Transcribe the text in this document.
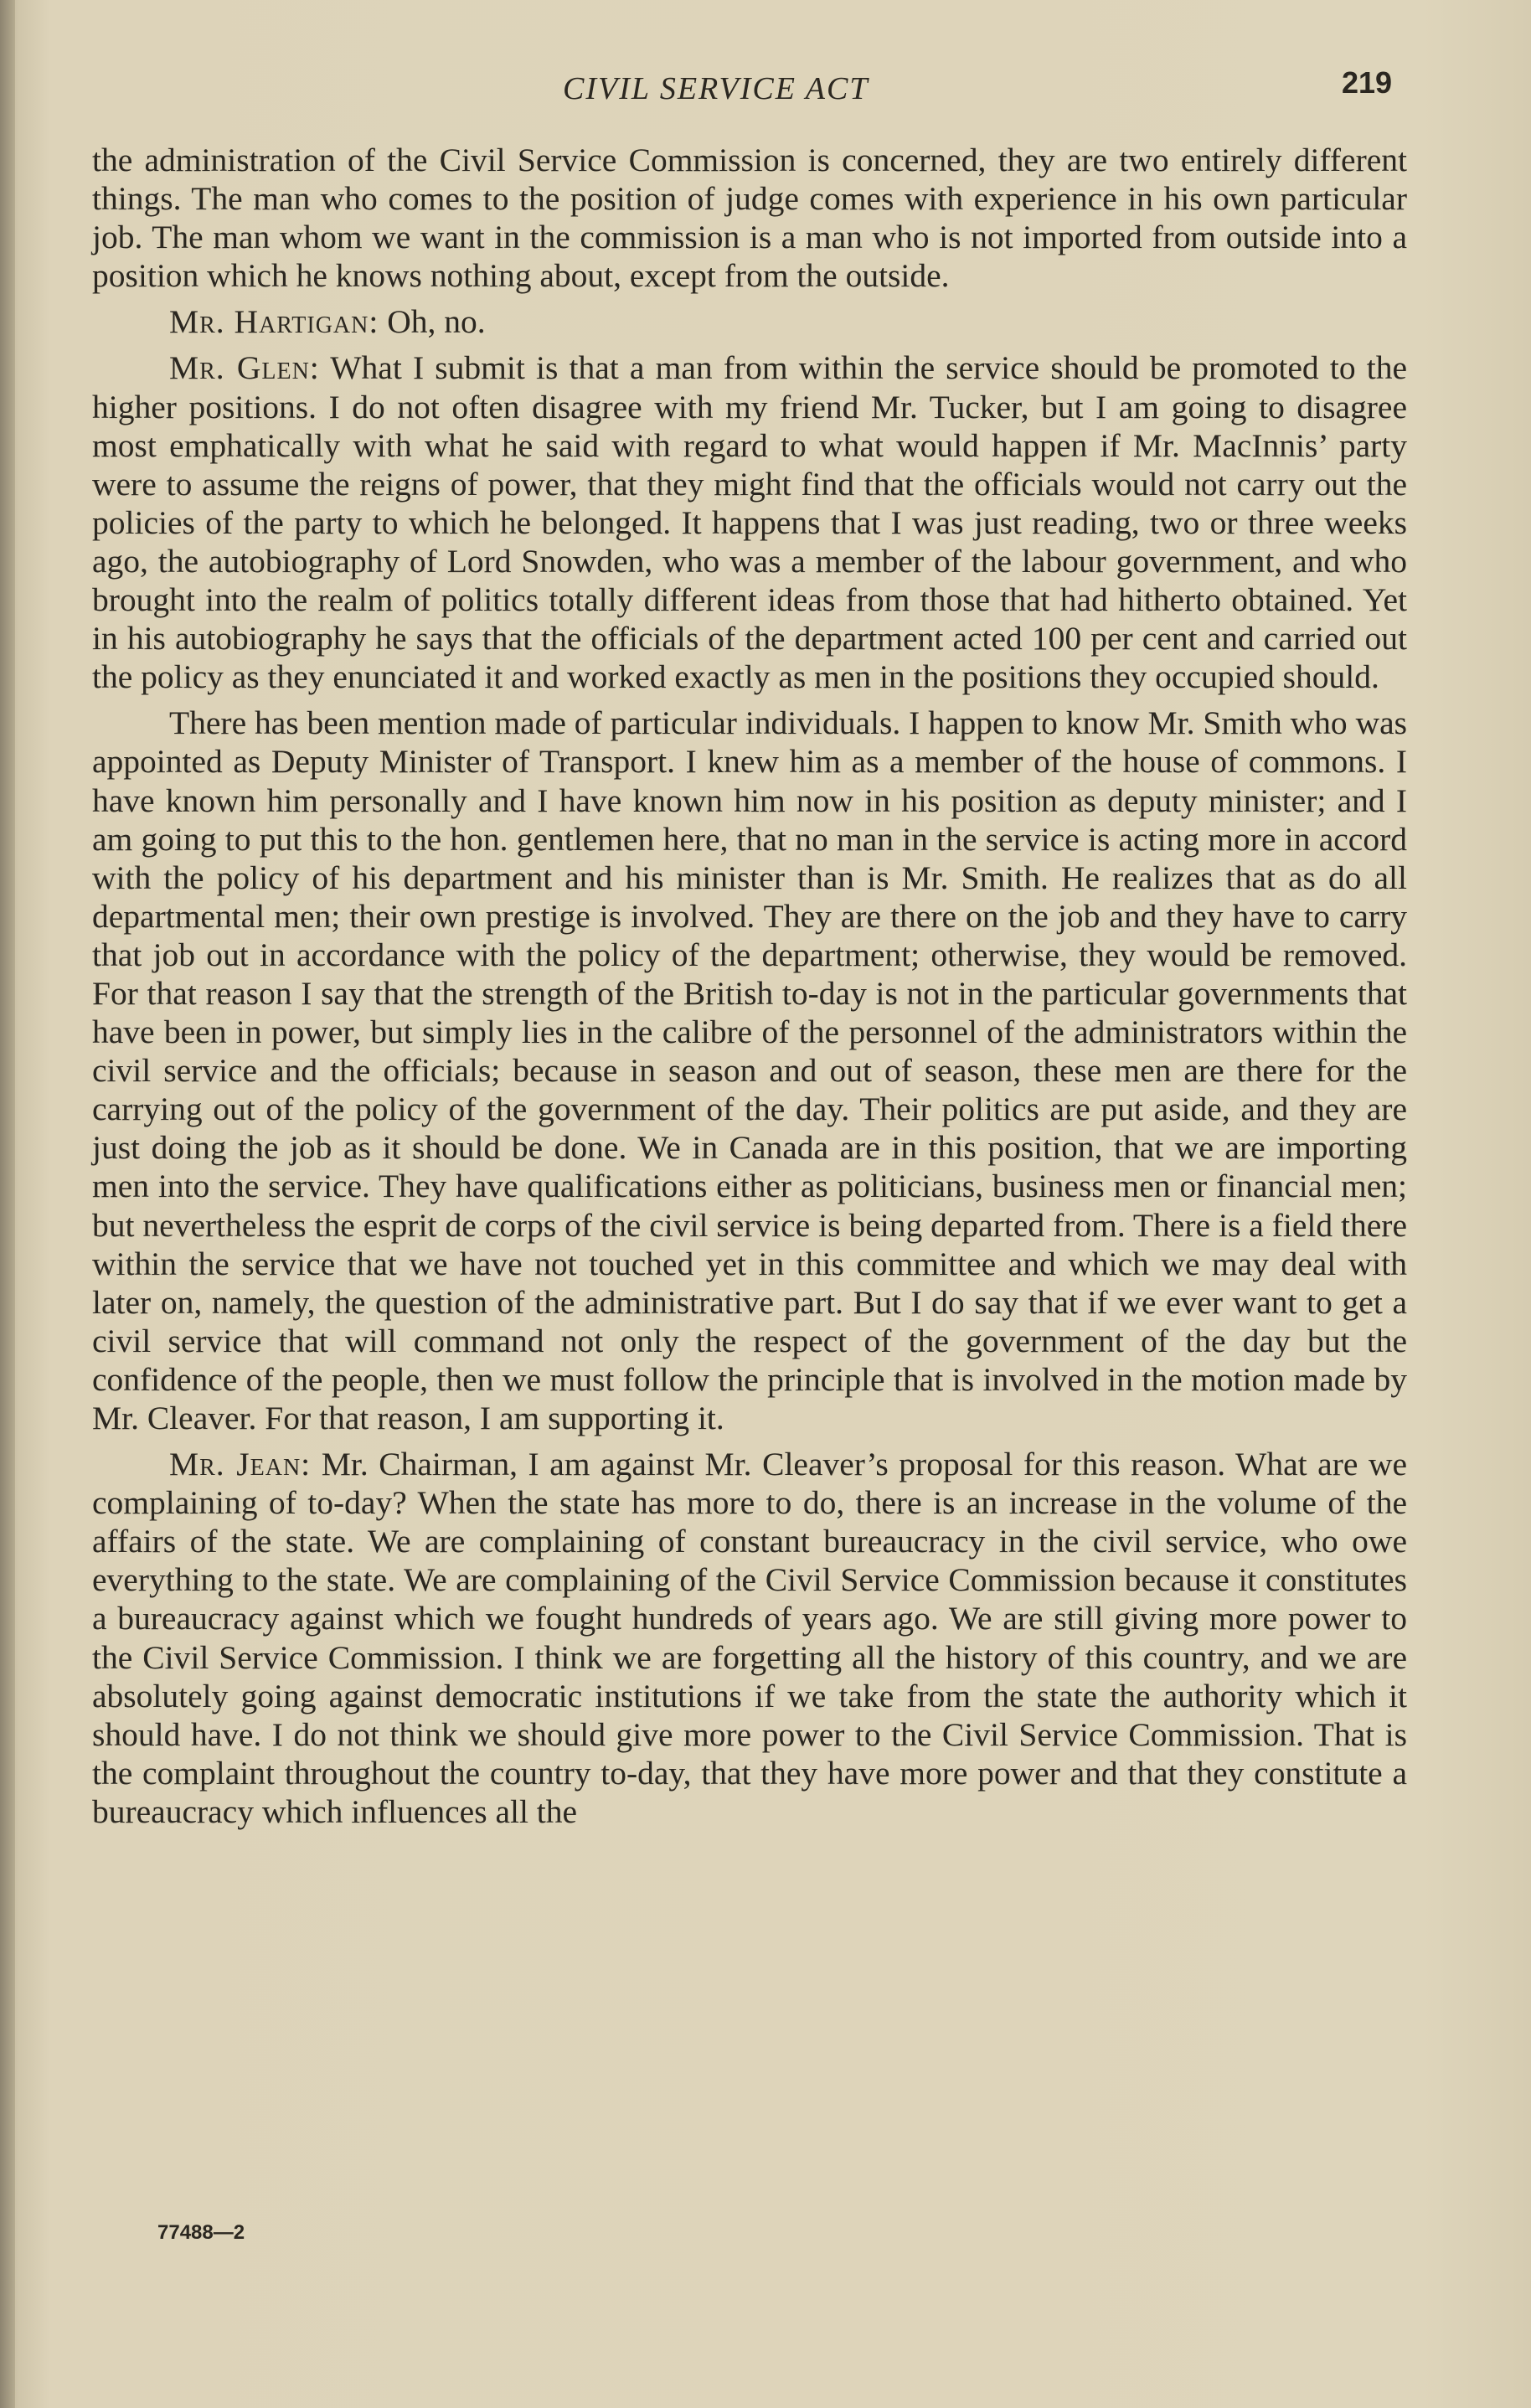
CIVIL SERVICE ACT	219

the administration of the Civil Service Commission is concerned, they are two entirely different things. The man who comes to the position of judge comes with experience in his own particular job. The man whom we want in the commission is a man who is not imported from outside into a position which he knows nothing about, except from the outside.

Mr. Hartigan: Oh, no.

Mr. Glen: What I submit is that a man from within the service should be promoted to the higher positions. I do not often disagree with my friend Mr. Tucker, but I am going to disagree most emphatically with what he said with regard to what would happen if Mr. MacInnis’ party were to assume the reigns of power, that they might find that the officials would not carry out the policies of the party to which he belonged. It happens that I was just reading, two or three weeks ago, the autobiography of Lord Snowden, who was a member of the labour government, and who brought into the realm of politics totally different ideas from those that had hitherto obtained. Yet in his autobiography he says that the officials of the department acted 100 per cent and carried out the policy as they enunciated it and worked exactly as men in the positions they occupied should.

There has been mention made of particular individuals. I happen to know Mr. Smith who was appointed as Deputy Minister of Transport. I knew him as a member of the house of commons. I have known him personally and I have known him now in his position as deputy minister; and I am going to put this to the hon. gentlemen here, that no man in the service is acting more in accord with the policy of his department and his minister than is Mr. Smith. He realizes that as do all departmental men; their own prestige is involved. They are there on the job and they have to carry that job out in accordance with the policy of the department; otherwise, they would be removed. For that reason I say that the strength of the British to-day is not in the particular governments that have been in power, but simply lies in the calibre of the personnel of the administrators within the civil service and the officials; because in season and out of season, these men are there for the carrying out of the policy of the government of the day. Their politics are put aside, and they are just doing the job as it should be done. We in Canada are in this position, that we are importing men into the service. They have qualifications either as politicians, business men or financial men; but nevertheless the esprit de corps of the civil service is being departed from. There is a field there within the service that we have not touched yet in this committee and which we may deal with later on, namely, the question of the administrative part. But I do say that if we ever want to get a civil service that will command not only the respect of the government of the day but the confidence of the people, then we must follow the principle that is involved in the motion made by Mr. Cleaver. For that reason, I am supporting it.

Mr. Jean: Mr. Chairman, I am against Mr. Cleaver’s proposal for this reason. What are we complaining of to-day? When the state has more to do, there is an increase in the volume of the affairs of the state. We are complaining of constant bureaucracy in the civil service, who owe everything to the state. We are complaining of the Civil Service Commission because it constitutes a bureaucracy against which we fought hundreds of years ago. We are still giving more power to the Civil Service Commission. I think we are forgetting all the history of this country, and we are absolutely going against democratic institutions if we take from the state the authority which it should have. I do not think we should give more power to the Civil Service Commission. That is the complaint throughout the country to-day, that they have more power and that they constitute a bureaucracy which influences all the

77488—2
